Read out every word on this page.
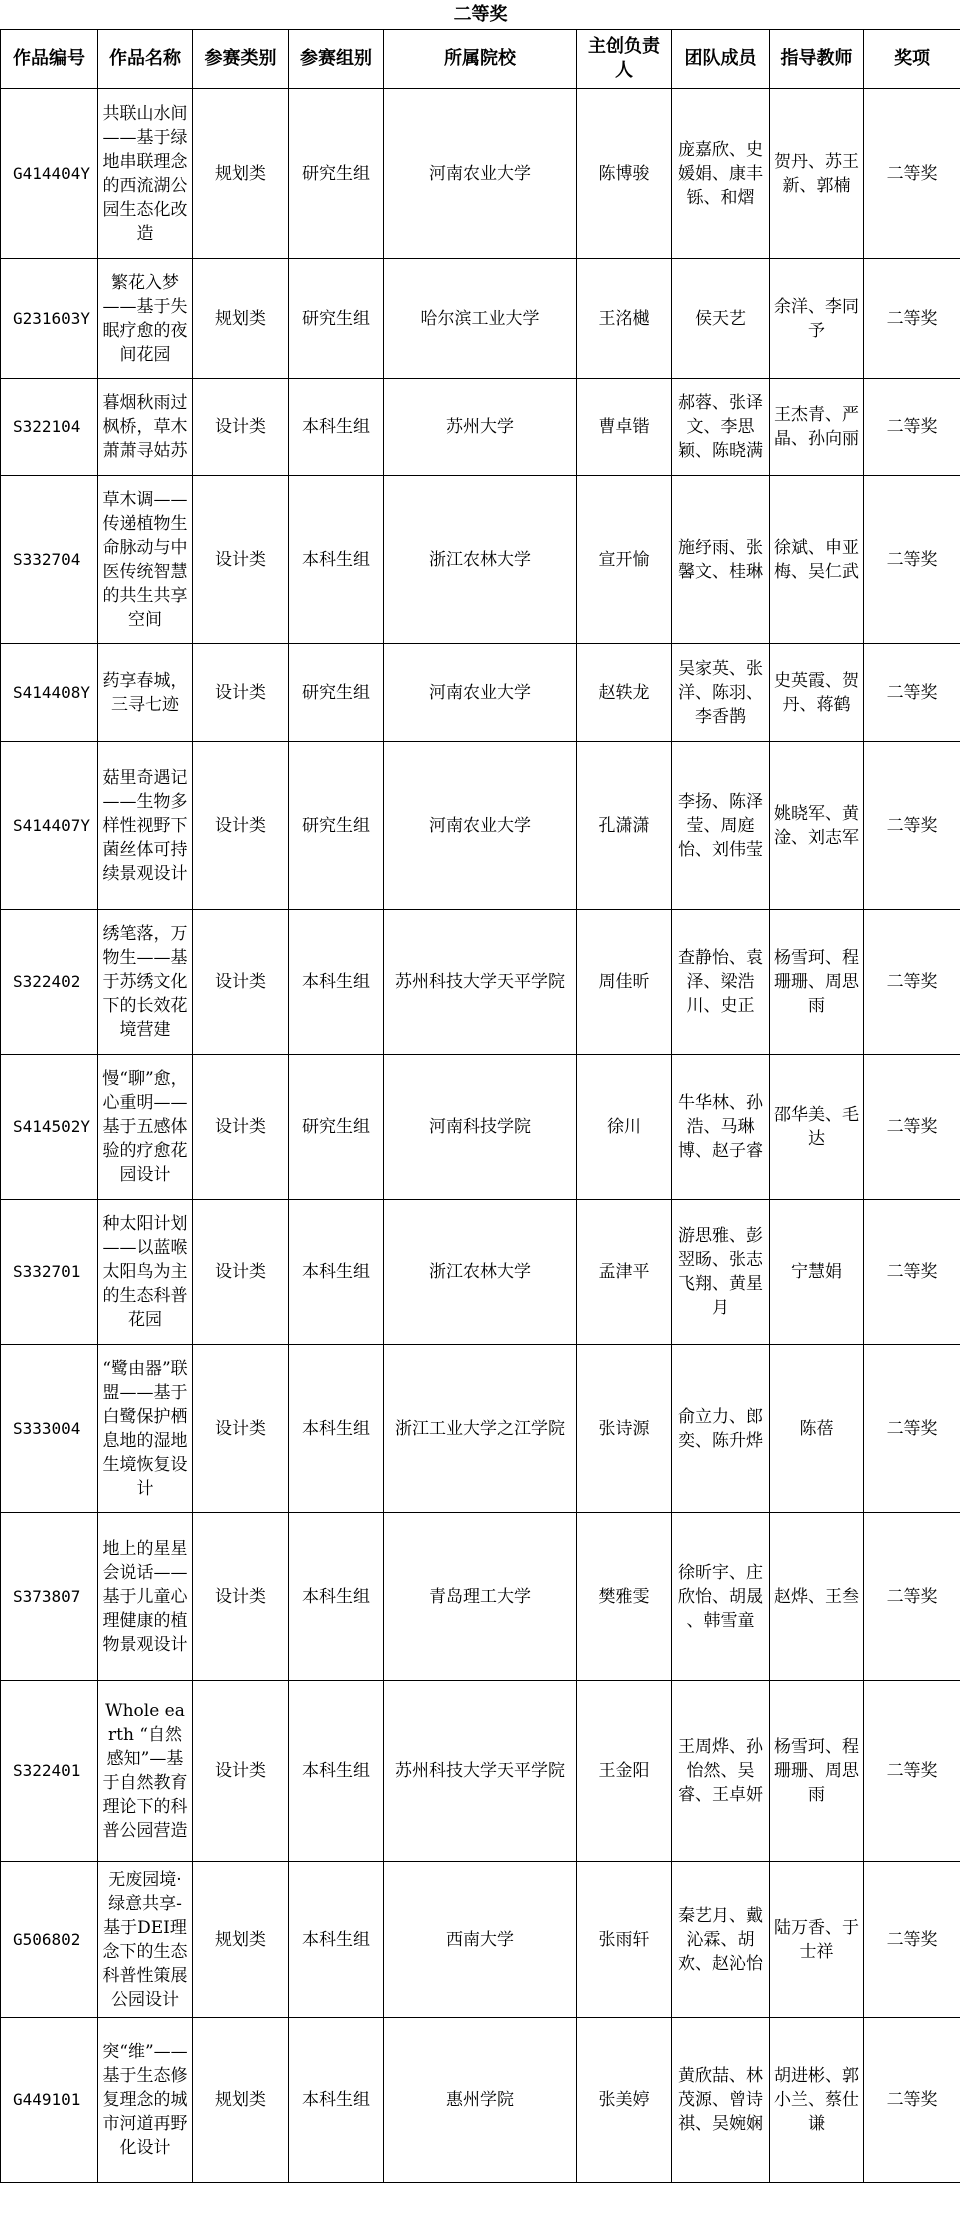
二等奖								
作品编号	作品名称	参赛类别	参赛组别	所属院校	主创负责人	团队成员	指导教师	奖项
G414404Y	共联山水间——基于绿地串联理念的西流湖公园生态化改造	规划类	研究生组	河南农业大学	陈博骏	庞嘉欣、史媛娟、康丰铄、和熠	贺丹、苏王新、郭楠	二等奖
G231603Y	繁花入梦——基于失眠疗愈的夜间花园	规划类	研究生组	哈尔滨工业大学	王洺樾	侯天艺	余洋、李同予	二等奖
S322104	暮烟秋雨过枫桥，草木萧萧寻姑苏	设计类	本科生组	苏州大学	曹卓锴	郝蓉、张译文、李思颖、陈晓满	王杰青、严晶、孙向丽	二等奖
S332704	草木调——传递植物生命脉动与中医传统智慧的共生共享空间	设计类	本科生组	浙江农林大学	宣开愉	施纾雨、张馨文、桂琳	徐斌、申亚梅、吴仁武	二等奖
S414408Y	药享春城，三寻七迹	设计类	研究生组	河南农业大学	赵轶龙	吴家英、张洋、陈羽、李香鹊	史英霞、贺丹、蒋鹤	二等奖
S414407Y	菇里奇遇记——生物多样性视野下菌丝体可持续景观设计	设计类	研究生组	河南农业大学	孔潇潇	李扬、陈泽莹、周庭怡、刘伟莹	姚晓军、黄淦、刘志军	二等奖
S322402	绣笔落，万物生——基于苏绣文化下的长效花境营建	设计类	本科生组	苏州科技大学天平学院	周佳昕	查静怡、袁泽、梁浩川、史正	杨雪珂、程珊珊、周思雨	二等奖
S414502Y	慢“聊”愈，心重明——基于五感体验的疗愈花园设计	设计类	研究生组	河南科技学院	徐川	牛华林、孙浩、马琳博、赵子睿	邵华美、毛达	二等奖
S332701	种太阳计划——以蓝喉太阳鸟为主的生态科普花园	设计类	本科生组	浙江农林大学	孟津平	游思雅、彭翌旸、张志飞翔、黄星月	宁慧娟	二等奖
S333004	“鹭由器”联盟——基于白鹭保护栖息地的湿地生境恢复设计	设计类	本科生组	浙江工业大学之江学院	张诗源	俞立力、郎奕、陈升烨	陈蓓	二等奖
S373807	地上的星星会说话——基于儿童心理健康的植物景观设计	设计类	本科生组	青岛理工大学	樊雅雯	徐昕宇、庄欣怡、胡晟 、韩雪童	赵烨、王叁	二等奖
S322401	Whole earth “自然感知”—基于自然教育理论下的科普公园营造	设计类	本科生组	苏州科技大学天平学院	王金阳	王周烨、孙怡然、吴睿、王卓妍	杨雪珂、程珊珊、周思雨	二等奖
G506802	无废园境·绿意共享-基于DEI理念下的生态科普性策展公园设计	规划类	本科生组	西南大学	张雨轩	秦艺月、戴沁霖、胡欢、赵沁怡	陆万香、于士祥	二等奖
G449101	突“维”——基于生态修复理念的城市河道再野化设计	规划类	本科生组	惠州学院	张美婷	黄欣喆、林茂源、曾诗祺、吴婉娴	胡进彬、郭小兰、蔡仕谦	二等奖
